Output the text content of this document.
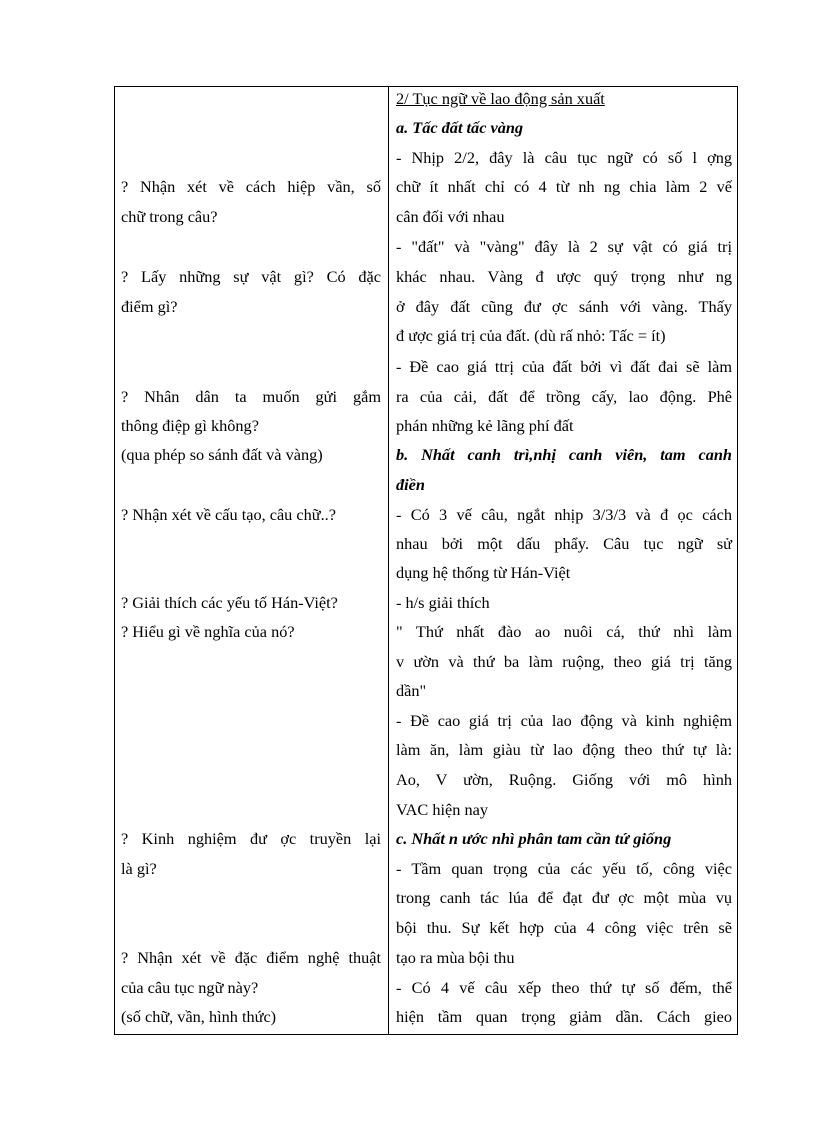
? Nhận xét về cách hiệp vần, số
chữ trong câu?
? Lấy những sự vật gì? Có đặc
điểm gì?
? Nhân dân ta muốn gửi gắm
thông điệp gì không?
(qua phép so sánh đất và vàng)
? Nhận xét về cấu tạo, câu chữ..?
? Giải thích các yếu tố Hán-Việt?
? Hiểu gì về nghĩa của nó?
? Kinh nghiệm đư ợc truyền lại
là gì?
? Nhận xét về đặc điểm nghệ thuật
của câu tục ngữ này?
(số chữ, vần, hình thức)
2/ Tục ngữ về lao động sản xuất
a. Tấc đất tấc vàng
- Nhịp 2/2, đây là câu tục ngữ có số l ợng
chữ ít nhất chỉ có 4 từ nh ng chia làm 2 vế
cân đối với nhau
- "đất" và "vàng" đây là 2 sự vật có giá trị
khác nhau. Vàng đ ược quý trọng như ng
ở đây đất cũng đư ợc sánh với vàng. Thấy
đ ược giá trị của đất. (dù rấ nhỏ: Tấc = ít)
- Đề cao giá ttrị của đất bởi vì đất đai sẽ làm
ra của cải, đất để trồng cấy, lao động. Phê
phán những kẻ lãng phí đất
b. Nhất canh trì,nhị canh viên, tam canh
điền
- Có 3 vế câu, ngắt nhịp 3/3/3 và đ ọc cách
nhau bởi một dấu phẩy. Câu tục ngữ sử
dụng hệ thống từ Hán-Việt
- h/s giải thích
" Thứ nhất đào ao nuôi cá, thứ nhì làm
v ườn và thứ ba làm ruộng, theo giá trị tăng
dần"
- Đề cao giá trị của lao động và kinh nghiệm
làm ăn, làm giàu từ lao động theo thứ tự là:
Ao, V ườn, Ruộng. Giống với mô hình
VAC hiện nay
c. Nhất n ước nhì phân tam cần tứ giống
- Tầm quan trọng của các yếu tố, công việc
trong canh tác lúa để đạt đư ợc một mùa vụ
bội thu. Sự kết hợp của 4 công việc trên sẽ
tạo ra mùa bội thu
- Có 4 vế câu xếp theo thứ tự số đếm, thể
hiện tầm quan trọng giảm dần. Cách gieo
